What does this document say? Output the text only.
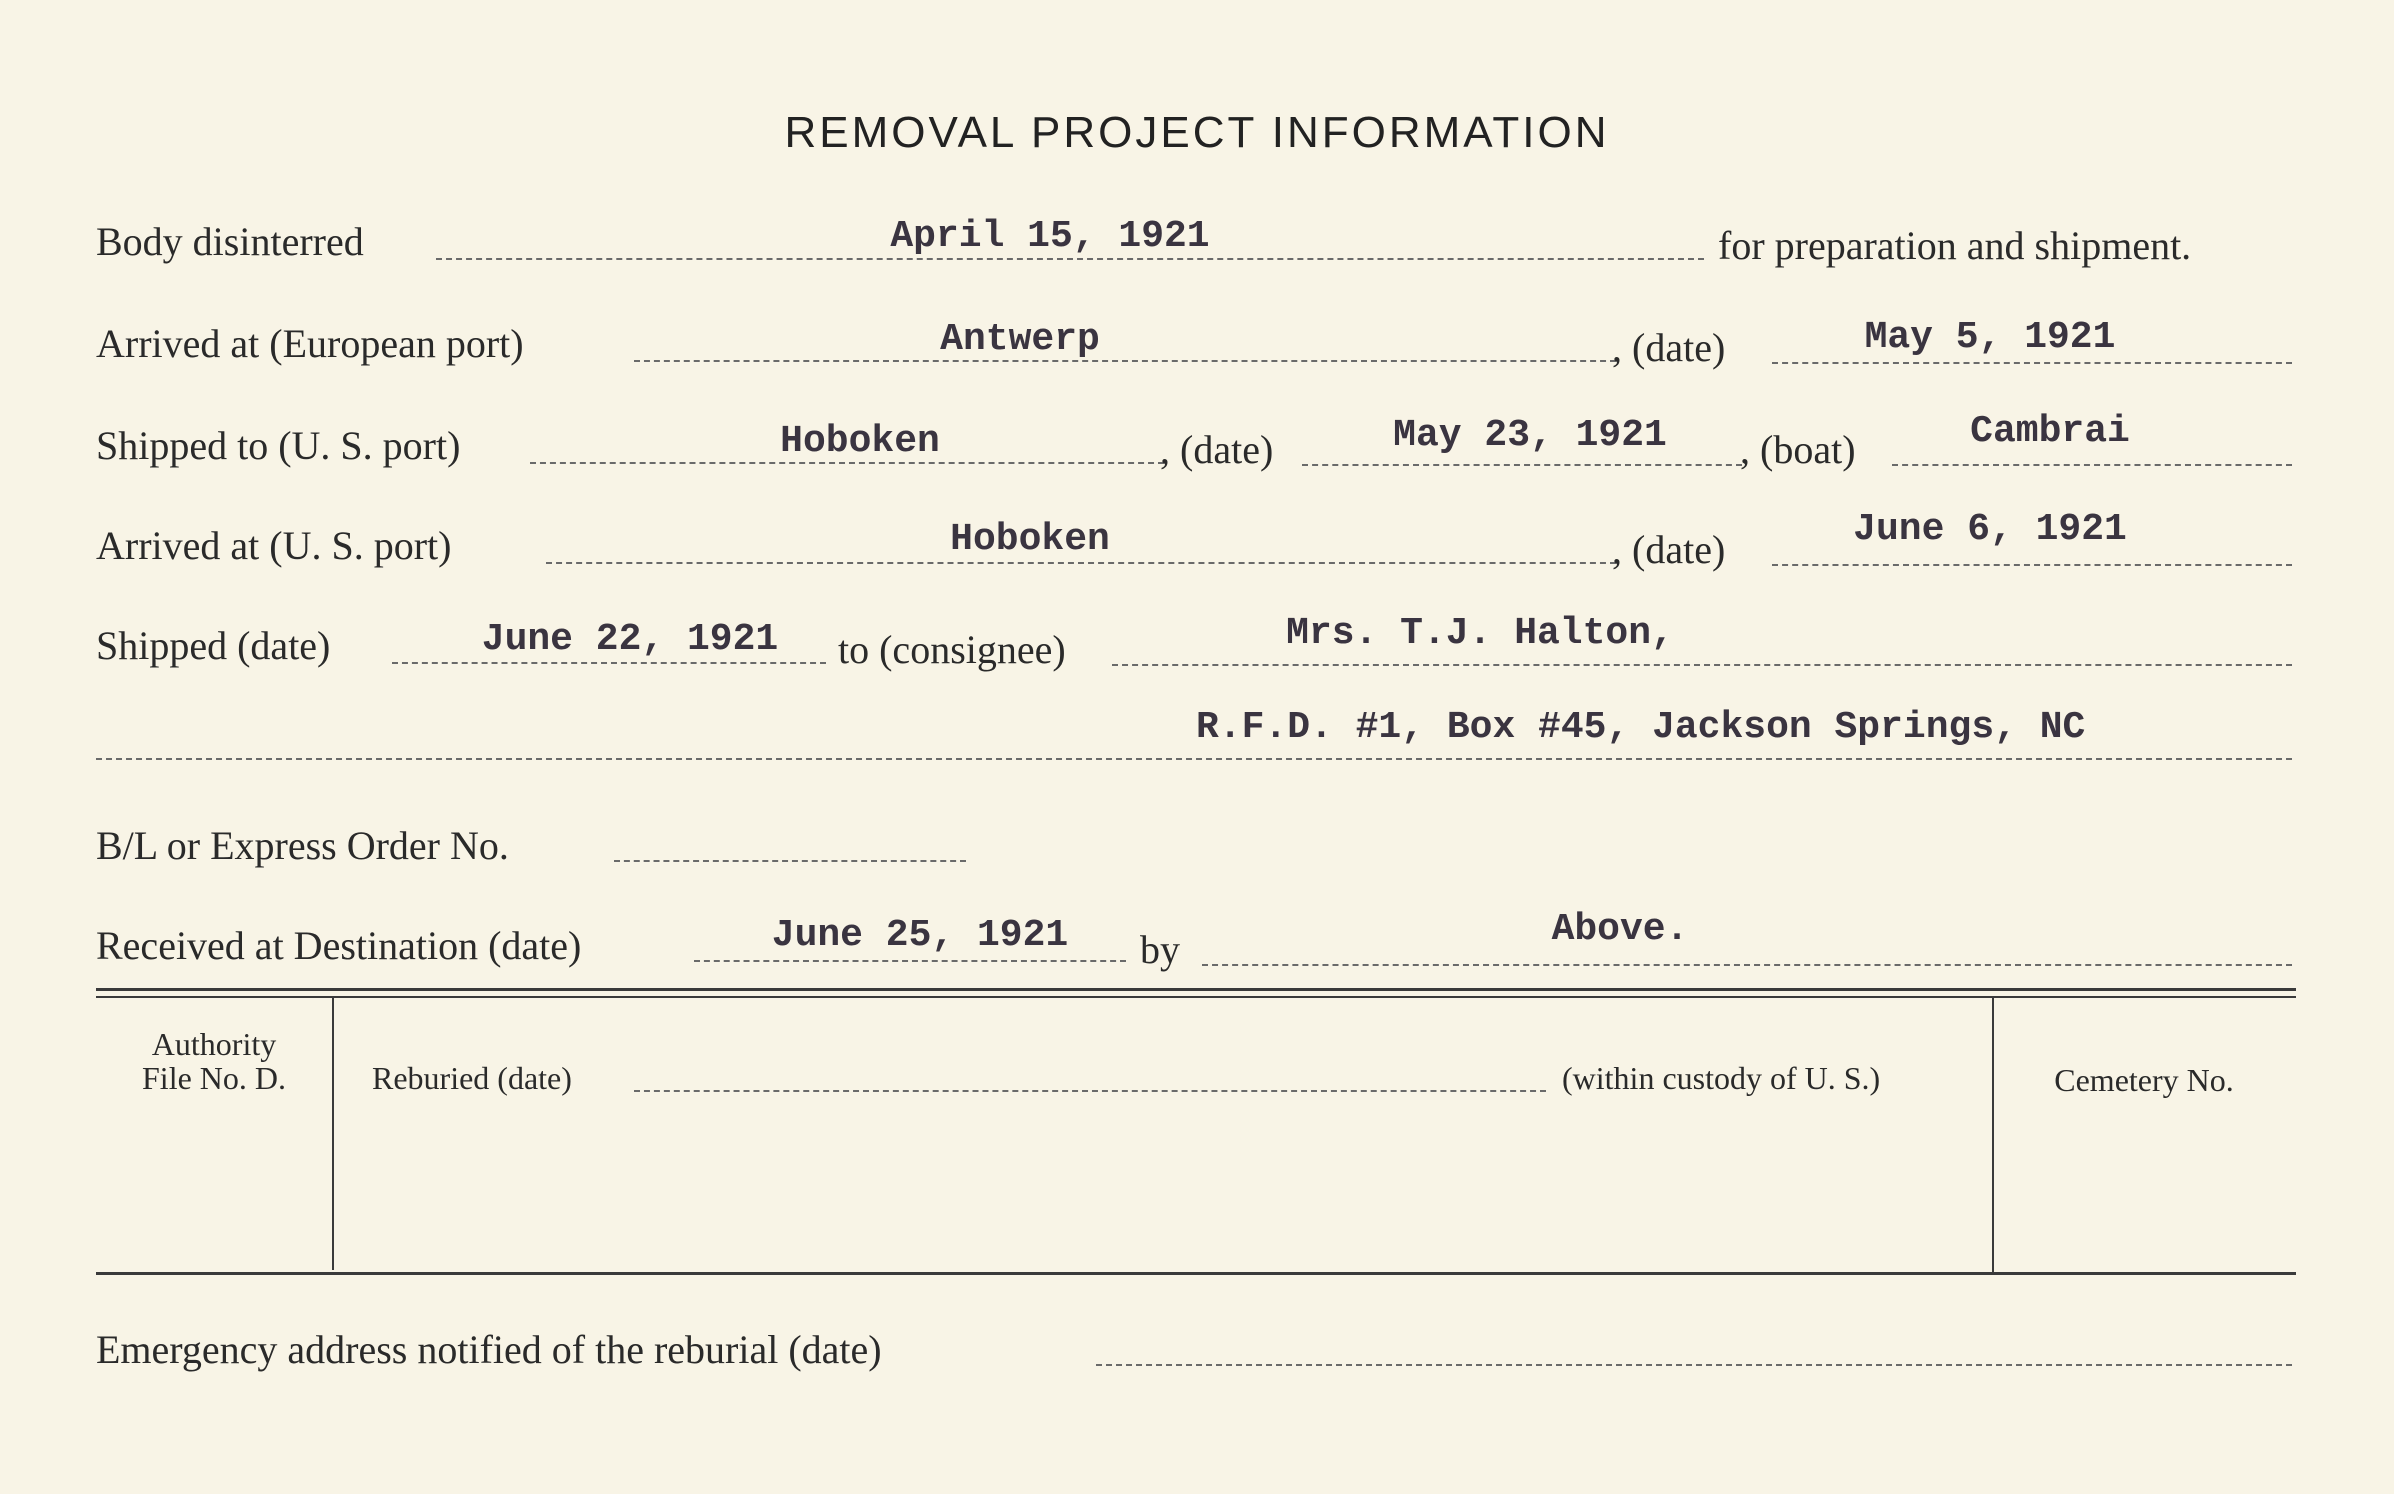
REMOVAL PROJECT INFORMATION
Body disinterred	April 15, 1921	for preparation and shipment.
Arrived at (European port)	Antwerp	, (date)	May 5, 1921
Shipped to (U. S. port)	Hoboken	, (date)	May 23, 1921	, (boat)	Cambrai
Arrived at (U. S. port)	Hoboken	, (date)	June 6, 1921
Shipped (date)	June 22, 1921	to (consignee)	Mrs. T.J. Halton,
R.F.D. #1, Box #45, Jackson Springs, NC
B/L or Express Order No.
Received at Destination (date)	June 25, 1921	by	Above.
Authority
File No. D.	Reburied (date)	(within custody of U. S.)	Cemetery No.
Emergency address notified of the reburial (date)
